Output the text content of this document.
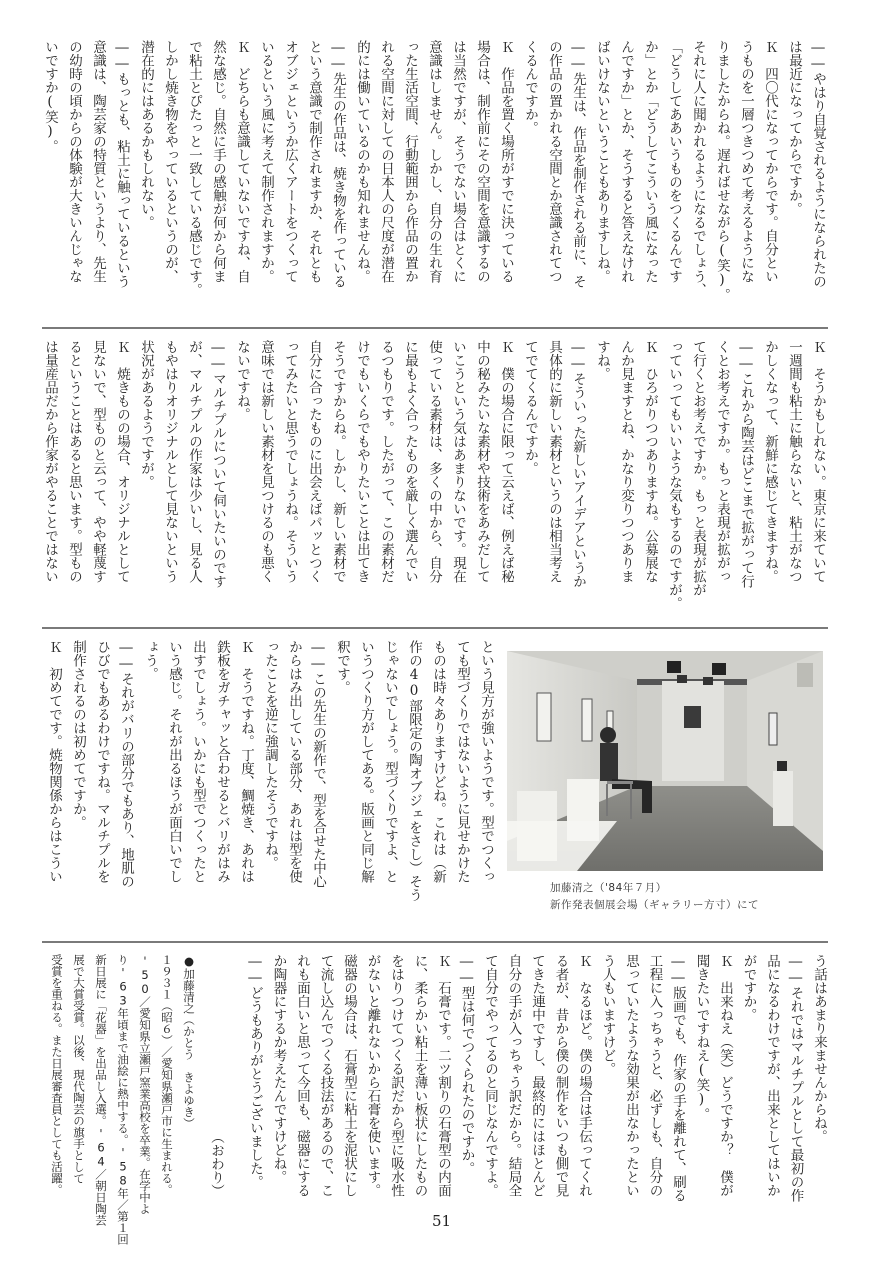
――やはり自覚されるようになられたの
は最近になってからですか。
Ｋ　四〇代になってからです。自分とい
うものを一層つきつめて考えるようにな
りましたからね。遅ればせながら(笑)。
それに人に聞かれるようになるでしょう、
「どうしてああいうものをつくるんです
か」とか「どうしてこういう風になった
んですか」とか、そうすると答えなけれ
ばいけないということもありますしね。
――先生は、作品を制作される前に、そ
の作品の置かれる空間とか意識されてつ
くるんですか。
Ｋ　作品を置く場所がすでに決っている
場合は、制作前にその空間を意識するの
は当然ですが、そうでない場合はとくに
意識はしません。しかし、自分の生れ育
った生活空間、行動範囲から作品の置か
れる空間に対しての日本人の尺度が潜在
的には働いているのかも知れませんね。
――先生の作品は、焼き物を作っている
という意識で制作されますか、それとも
オブジェというか広くアートをつくって
いるという風に考えて制作されますか。
Ｋ　どちらも意識していないですね、自
然な感じ。自然に手の感触が何から何ま
で粘土とぴたっと一致している感じです。
しかし焼き物をやっているというのが、
潜在的にはあるかもしれない。
――もっとも、粘土に触っているという
意識は、陶芸家の特質というより、先生
の幼時の頃からの体験が大きいんじゃな
いですか(笑)。
Ｋ　そうかもしれない。東京に来ていて
一週間も粘土に触らないと、粘土がなつ
かしくなって、新鮮に感じてきますね。
――これから陶芸はどこまで拡がって行
くとお考えですか。もっと表現が拡がっ
て行くとお考えですか。もっと表現が拡が
っていってもいいような気もするのですが。
Ｋ　ひろがりつつありますね。公募展な
んか見ますとね、かなり変りつつありま
すね。
――そういった新しいアイデアというか
具体的に新しい素材というのは相当考え
てでてくるんですか。
Ｋ　僕の場合に限って云えば、例えば秘
中の秘みたいな素材や技術をあみだして
いこうという気はあまりないです。現在
使っている素材は、多くの中から、自分
に最もよく合ったものを厳しく選んでい
るつもりです。したがって、この素材だ
けでもいくらでもやりたいことは出てき
そうですからね。しかし、新しい素材で
自分に合ったものに出会えばパッとつく
ってみたいと思うでしょうね。そういう
意味では新しい素材を見つけるのも悪く
ないですね。
――マルチプルについて伺いたいのです
が、マルチプルの作家は少いし、見る人
もやはりオリジナルとして見ないという
状況があるようですが。
Ｋ　焼きものの場合、オリジナルとして
見ないで、型ものと云って、やや軽蔑す
るということはあると思います。型もの
は量産品だから作家がやることではない
という見方が強いようです。型でつくっ
ても型づくりではないように見せかけた
ものは時々ありますけどね。これは（新
作の40部限定の陶オブジェをさし）そう
じゃないでしょう。型づくりですよ、と
いうつくり方がしてある。版画と同じ解
釈です。
――この先生の新作で、型を合せた中心
からはみ出している部分、あれは型を使
ったことを逆に強調したそうですね。
Ｋ　そうですね。丁度、鯛焼き、あれは
鉄板をガチャッと合わせるとバリがはみ
出すでしょう。いかにも型でつくったと
いう感じ。それが出るほうが面白いでし
ょう。
――それがバリの部分でもあり、地肌の
ひびでもあるわけですね。マルチプルを
制作されるのは初めてですか。
Ｋ　初めてです。焼物関係からはこうい
加藤清之（'84年７月）
新作発表個展会場（ギャラリー方寸）にて
う話はあまり来ませんからね。
――それではマルチプルとして最初の作
品になるわけですが、出来としてはいか
がですか。
Ｋ　出来ねえ（笑）どうですか？　僕が
聞きたいですねえ(笑)。
――版画でも、作家の手を離れて、刷る
工程に入っちゃうと、必ずしも、自分の
思っていたような効果が出なかったとい
う人もいますけど。
Ｋ　なるほど。僕の場合は手伝ってくれ
る者が、昔から僕の制作をいつも側で見
てきた連中ですし、最終的にはほとんど
自分の手が入っちゃう訳だから。結局全
て自分でやってるのと同じなんですよ。
――型は何でつくられたのですか。
Ｋ　石膏です。二ツ割りの石膏型の内面
に、柔らかい粘土を薄い板状にしたもの
をはりつけてつくる訳だから型に吸水性
がないと離れないから石膏を使います。
磁器の場合は、石膏型に粘土を泥状にし
て流し込んでつくる技法があるので、こ
れも面白いと思って今回も、磁器にする
か陶器にするか考えたんですけどね。
――どうもありがとうございました。
（おわり）
●加藤清之（かとう　きよゆき）
１９３１（昭６）／愛知県瀬戸市に生まれる。
'50／愛知県立瀬戸窯業高校を卒業。在学中よ
り'63年頃まで油絵に熱中する。'58年／第１回
新日展に「花器」を出品し入選。'64／朝日陶芸
展で大賞受賞。以後、現代陶芸の旗手として
受賞を重ねる。また日展審査員としても活躍。
51
